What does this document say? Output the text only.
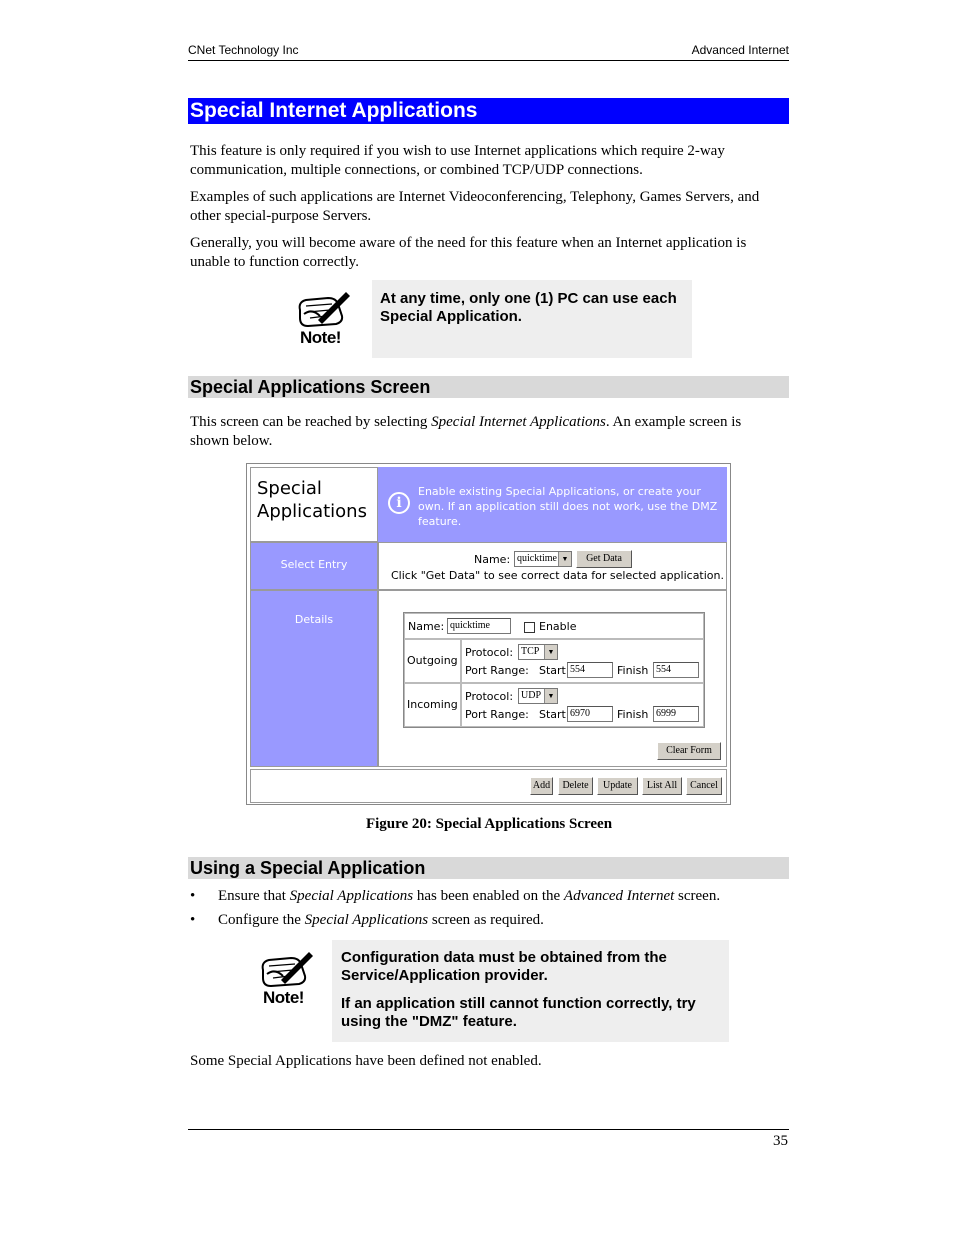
CNet Technology Inc	Advanced Internet
Special Internet Applications
This feature is only required if you wish to use Internet applications which require 2-way communication, multiple connections, or combined TCP/UDP connections.
Examples of such applications are Internet Videoconferencing, Telephony, Games Servers, and other special-purpose Servers.
Generally, you will become aware of the need for this feature when an Internet application is unable to function correctly.
Note!
At any time, only one (1) PC can use each Special Application.
Special Applications Screen
This screen can be reached by selecting Special Internet Applications. An example screen is shown below.
Special
Applications	i
Enable existing Special Applications, or create your own. If an application still does not work, use the DMZ feature.
Select Entry	Name: quicktime ▼	Get Data
Click "Get Data" to see correct data for selected application.
Details
Name: quicktime	Enable
Outgoing
Protocol: TCP	▼
Port Range: Start 554	Finish 554
Incoming
Protocol: UDP ▼
Port Range: Start 6970	Finish 6999
Clear Form
Add	Delete	Update	List All	Cancel
Figure 20: Special Applications Screen
Using a Special Application
• Ensure that Special Applications has been enabled on the Advanced Internet screen.
• Configure the Special Applications screen as required.
Note!
Configuration data must be obtained from the Service/Application provider.
If an application still cannot function correctly, try using the "DMZ" feature.
Some Special Applications have been defined not enabled.
35
